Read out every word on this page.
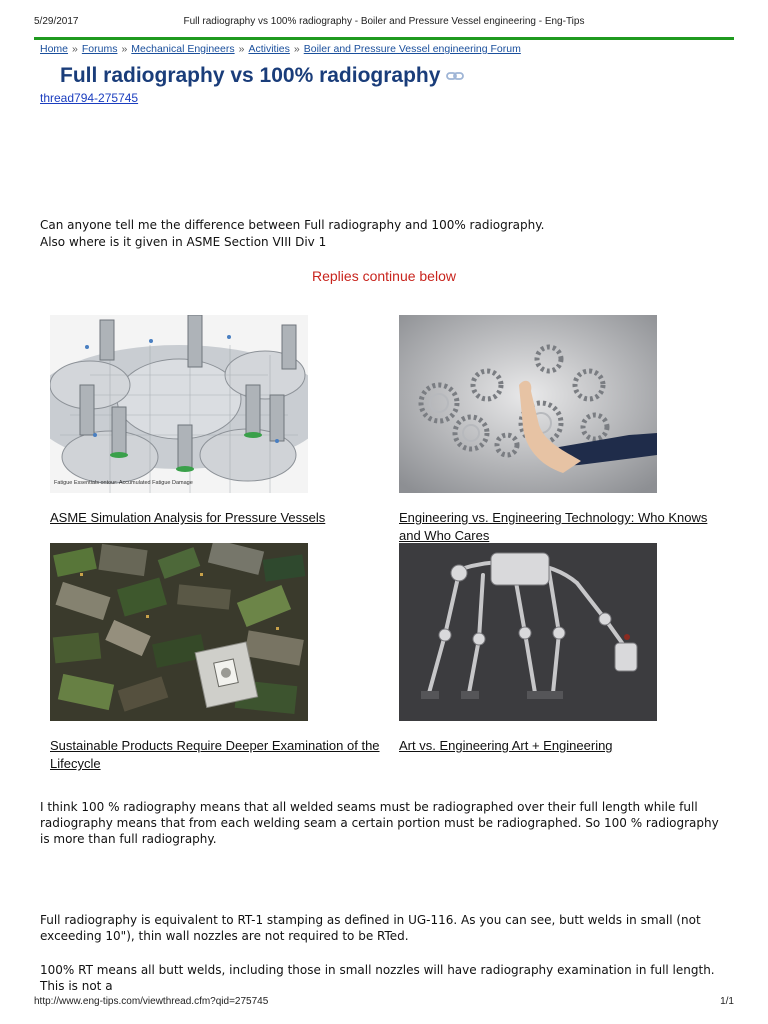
5/29/2017	Full radiography vs 100% radiography - Boiler and Pressure Vessel engineering - Eng-Tips
Home » Forums » Mechanical Engineers » Activities » Boiler and Pressure Vessel engineering Forum
Full radiography vs 100% radiography
thread794-275745

Can anyone tell me the difference between Full radiography and 100% radiography.

Also where is it given in ASME Section VIII Div 1

Replies continue below
Fatigue Essentials ontour: Accumulated Fatigue Damage
ASME Simulation Analysis for Pressure Vessels	Engineering vs. Engineering Technology: Who Knows and Who Cares
Sustainable Products Require Deeper Examination of the Lifecycle
Art vs. Engineering Art + Engineering

I think 100 % radiography means that all welded seams must be radiographed over their full length while full radiography means that from each welding seam a certain portion must be radiographed. So 100 % radiography is more than full radiography.

Full radiography is equivalent to RT-1 stamping as defined in UG-116. As you can see, butt welds in small (not exceeding 10"), thin wall nozzles are not required to be RTed.

100% RT means all butt welds, including those in small nozzles will have radiography examination in full length. This is not a

http://www.eng-tips.com/viewthread.cfm?qid=275745	1/1
